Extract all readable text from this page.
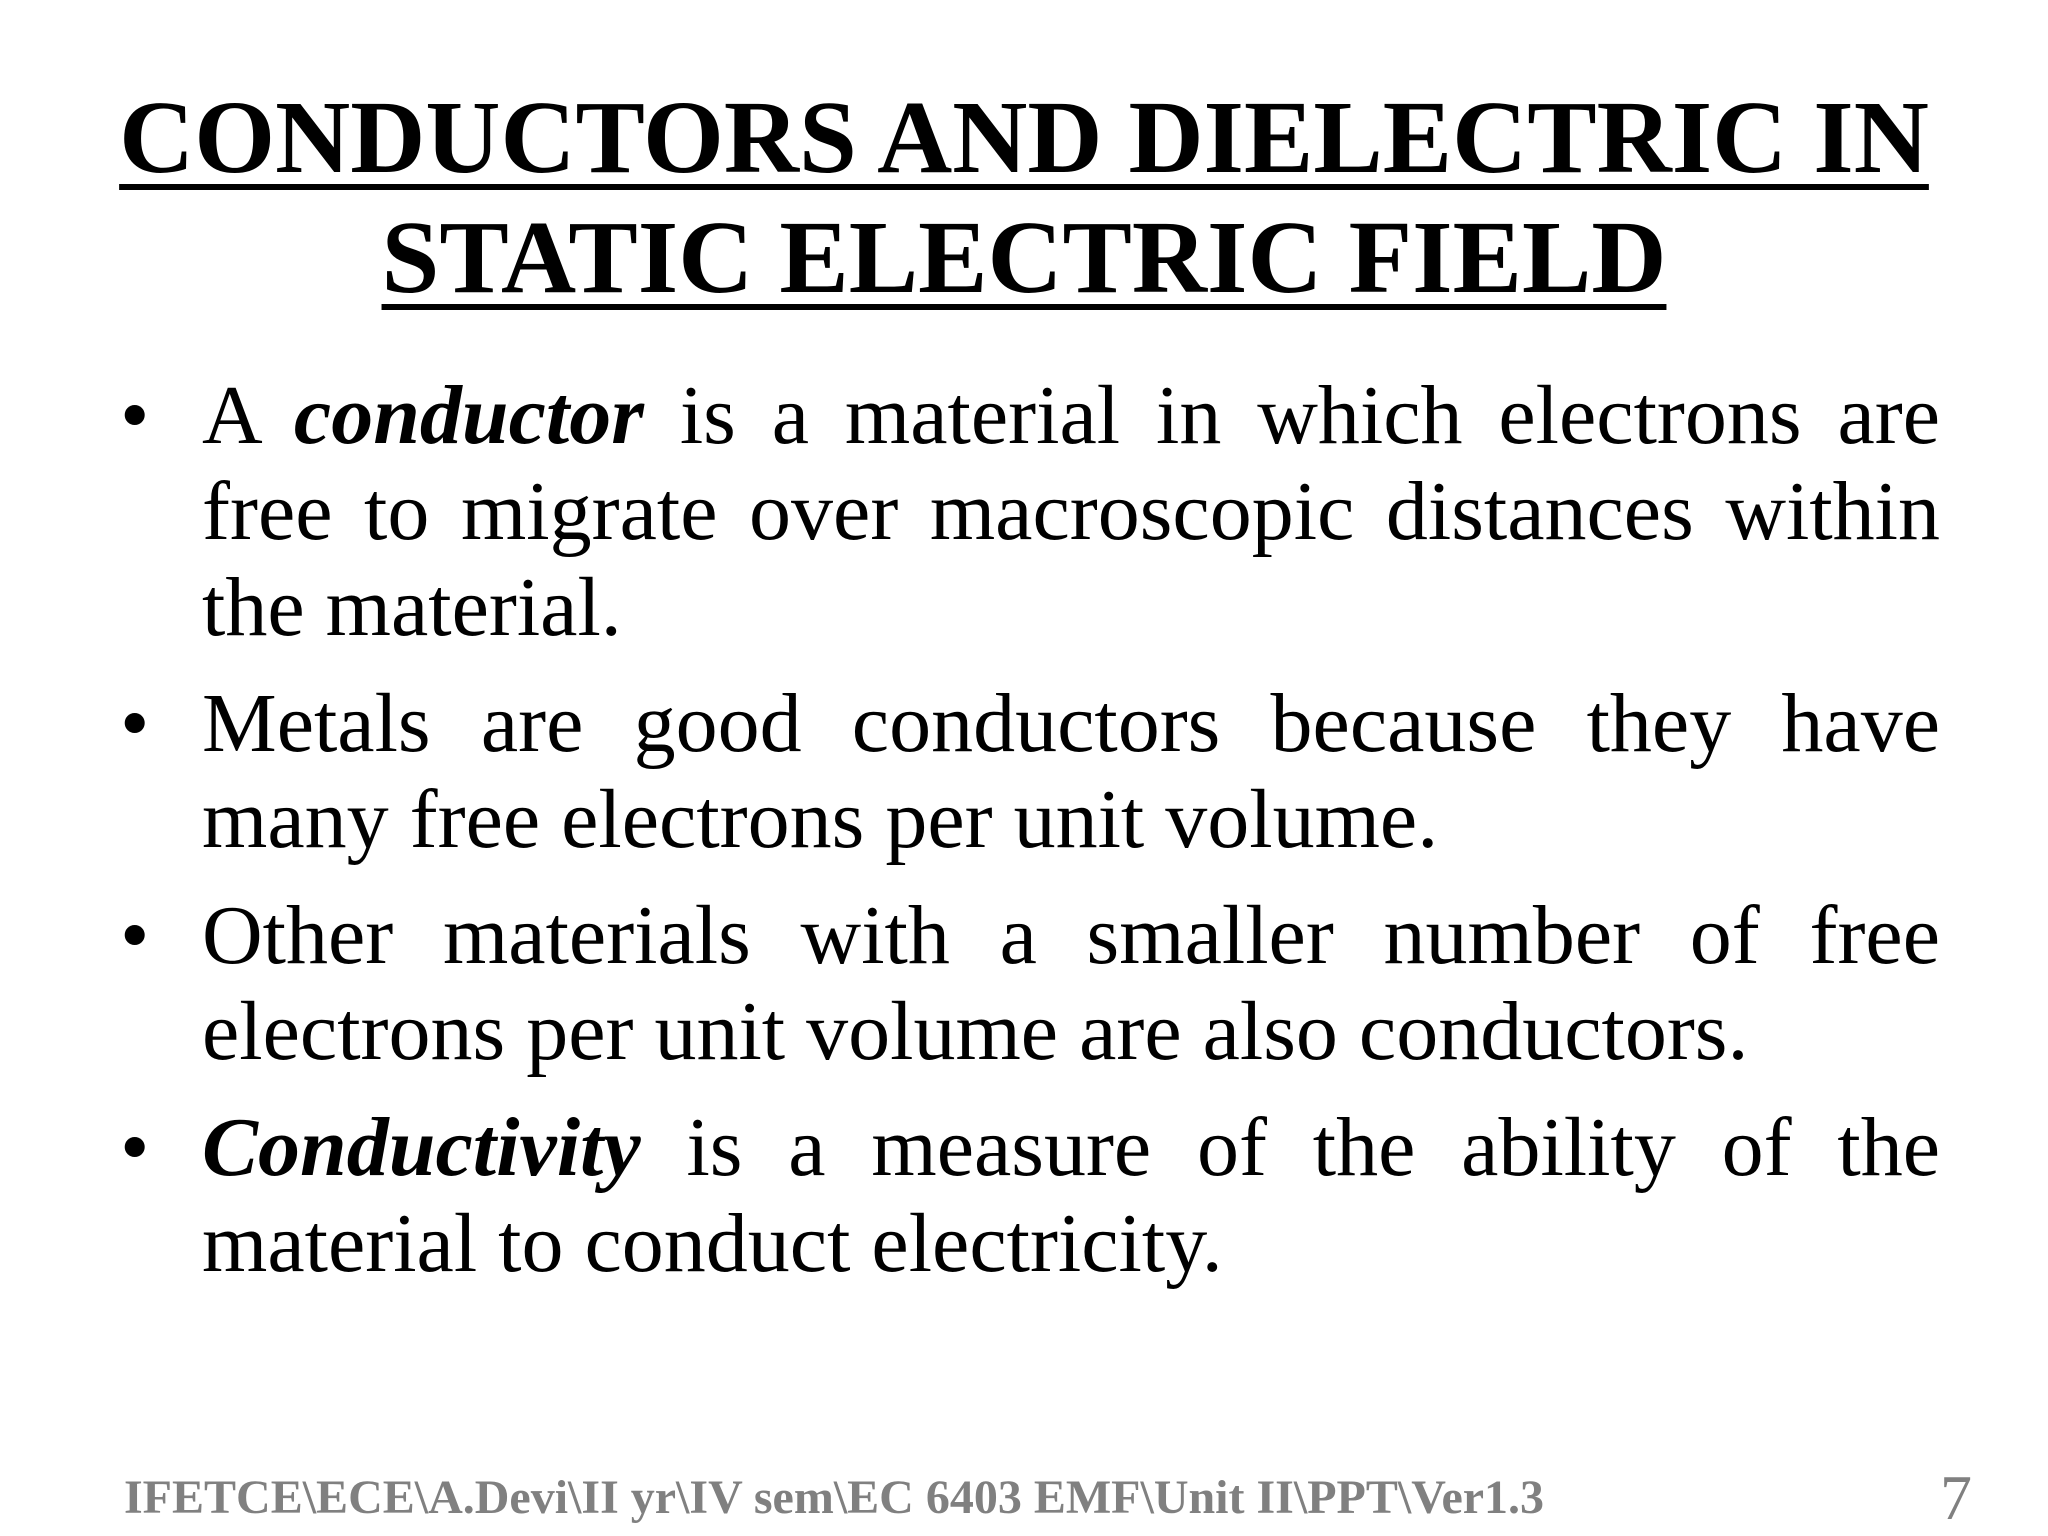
CONDUCTORS AND DIELECTRIC IN
STATIC ELECTRIC FIELD
• A conductor is a material in which electrons are free to migrate over macroscopic distances within the material.
• Metals are good conductors because they have many free electrons per unit volume.
• Other materials with a smaller number of free electrons per unit volume are also conductors.
• Conductivity is a measure of the ability of the material to conduct electricity.
IFETCE\ECE\A.Devi\II yr\IV sem\EC 6403 EMF\Unit II\PPT\Ver1.3	7
